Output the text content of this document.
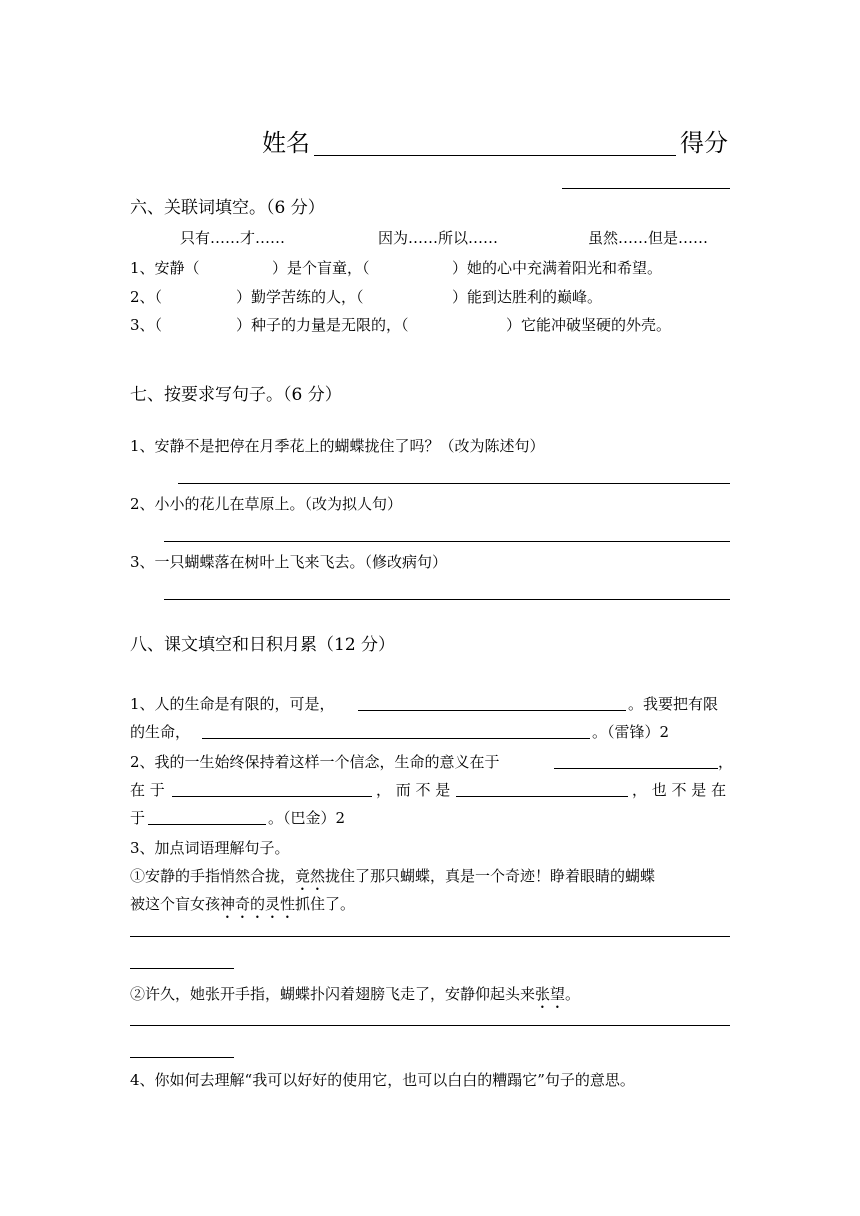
姓名	得分
六、关联词填空。（6 分）
只有……才……	因为……所以……	虽然……但是……
1、安静（	）是个盲童，（	）她的心中充满着阳光和希望。
2、（	）勤学苦练的人，（	）能到达胜利的巅峰。
3、（	）种子的力量是无限的，（	）它能冲破坚硬的外壳。
七、按要求写句子。（6 分）
1、安静不是把停在月季花上的蝴蝶拢住了吗？（改为陈述句）
2、小小的花儿在草原上。（改为拟人句）
3、一只蝴蝶落在树叶上飞来飞去。（修改病句）
八、课文填空和日积月累（12 分）
1、人的生命是有限的，可是，	。我要把有限
的生命，	。（雷锋）2
2、我的一生始终保持着这样一个信念，生命的意义在于	，
在 于	， 而 不 是	， 也 不 是 在
于	。（巴金）2
3、加点词语理解句子。
①安静的手指悄然合拢，竟然拢住了那只蝴蝶，真是一个奇迹！睁着眼睛的蝴蝶
被这个盲女孩神奇的灵性抓住了。
②许久，她张开手指，蝴蝶扑闪着翅膀飞走了，安静仰起头来张望。
4、你如何去理解“我可以好好的使用它，也可以白白的糟蹋它”句子的意思。
